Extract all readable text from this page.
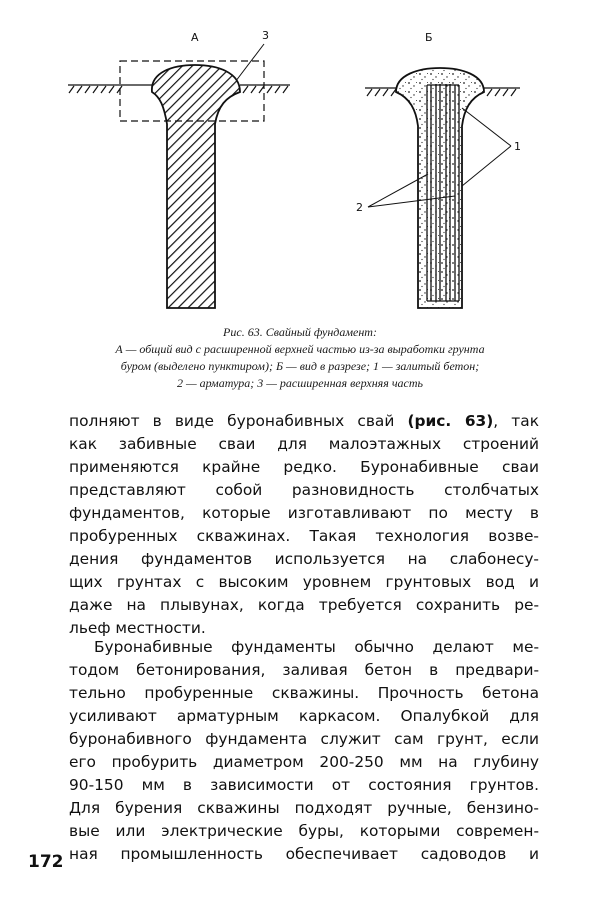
А	3	Б
1
2
Рис. 63. Свайный фундамент:
А — общий вид с расширенной верхней частью из-за выработки грунта
буром (выделено пунктиром); Б — вид в разрезе; 1 — залитый бетон;
2 — арматура; 3 — расширенная верхняя часть

полняют в виде буронабивных свай (рис. 63), так

как забивные сваи для малоэтажных строений

применяются крайне редко. Буронабивные сваи

представляют собой разновидность столбчатых

фундаментов, которые изготавливают по месту в

пробуренных скважинах. Такая технология возве-

дения фундаментов используется на слабонесу-

щих грунтах с высоким уровнем грунтовых вод и

даже на плывунах, когда требуется сохранить ре-

льеф местности.

Буронабивные фундаменты обычно делают ме-

тодом бетонирования, заливая бетон в предвари-

тельно пробуренные скважины. Прочность бетона

усиливают арматурным каркасом. Опалубкой для

буронабивного фундамента служит сам грунт, если

его пробурить диаметром 200-250 мм на глубину

90-150 мм в зависимости от состояния грунтов.

Для бурения скважины подходят ручные, бензино-

вые или электрические буры, которыми современ-

ная промышленность обеспечивает садоводов и

172
